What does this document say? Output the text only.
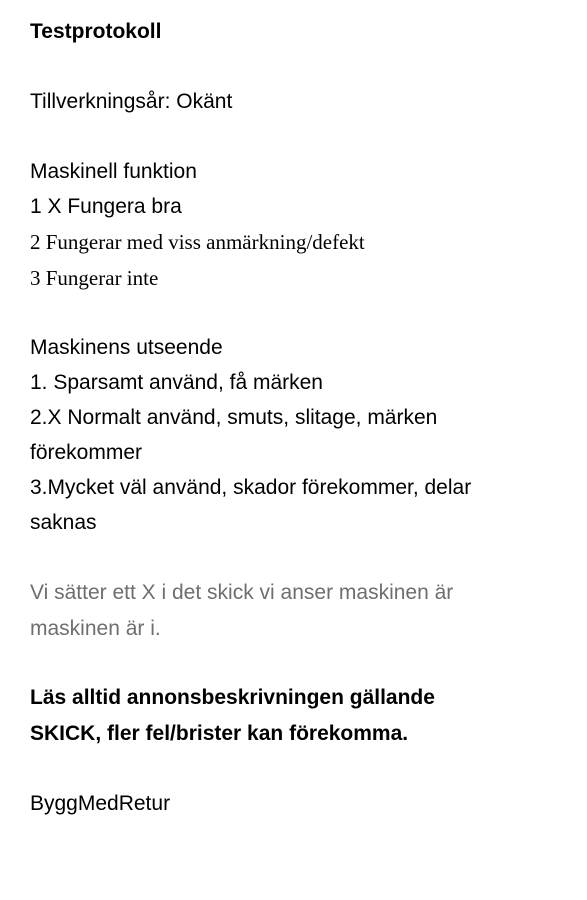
Testprotokoll
Tillverkningsår: Okänt
Maskinell funktion
1 X Fungera bra
2 Fungerar med viss anmärkning/defekt
3 Fungerar inte
Maskinens utseende
1. Sparsamt använd, få märken
2.X Normalt använd, smuts, slitage, märken
förekommer
3.Mycket väl använd, skador förekommer, delar
saknas
Vi sätter ett X i det skick vi anser maskinen är
maskinen är i.
Läs alltid annonsbeskrivningen gällande
SKICK, fler fel/brister kan förekomma.
ByggMedRetur
